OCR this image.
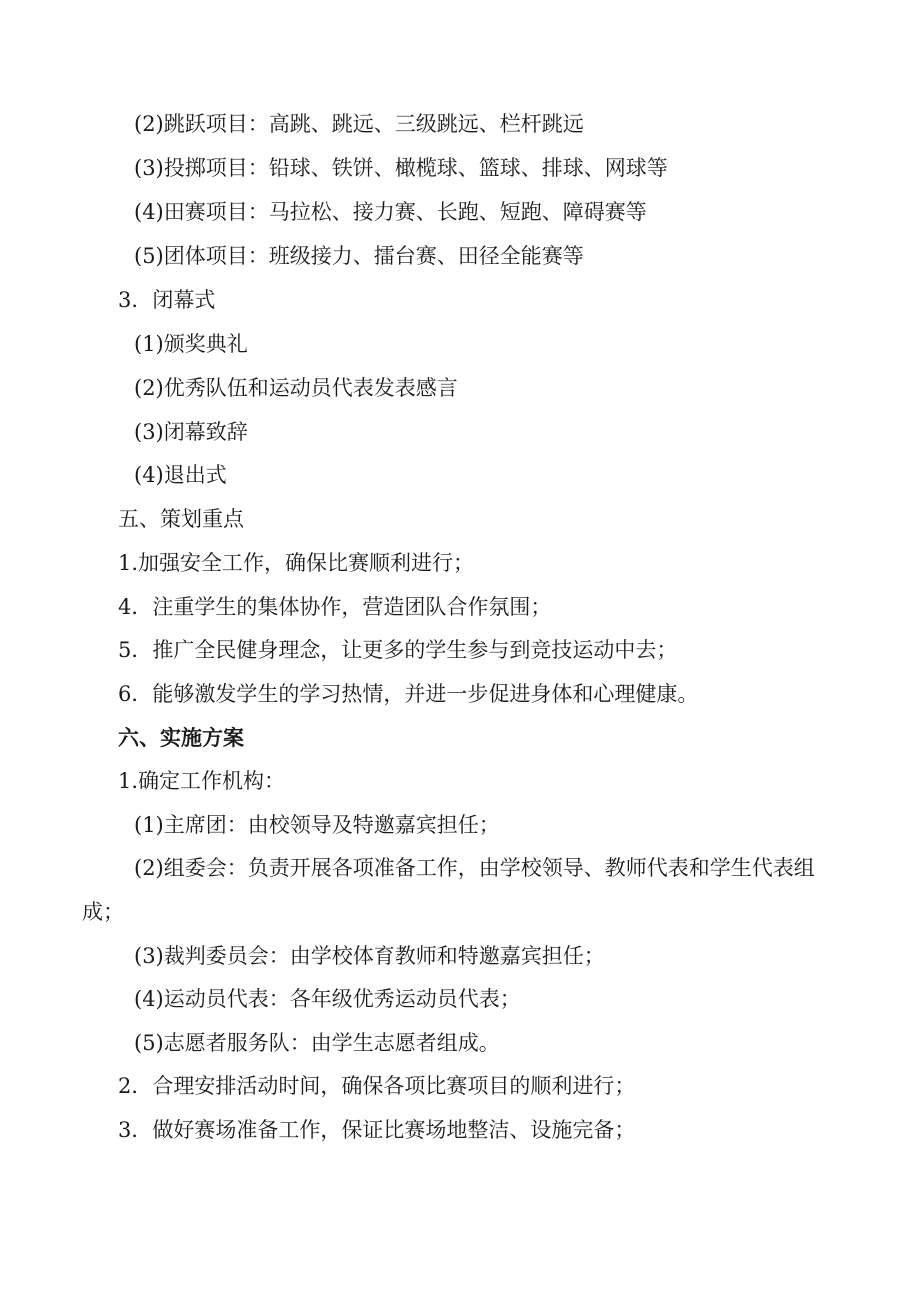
(2)跳跃项目：高跳、跳远、三级跳远、栏杆跳远
(3)投掷项目：铅球、铁饼、橄榄球、篮球、排球、网球等
(4)田赛项目：马拉松、接力赛、长跑、短跑、障碍赛等
(5)团体项目：班级接力、擂台赛、田径全能赛等
3．闭幕式
(1)颁奖典礼
(2)优秀队伍和运动员代表发表感言
(3)闭幕致辞
(4)退出式
五、策划重点
1.加强安全工作，确保比赛顺利进行；
4．注重学生的集体协作，营造团队合作氛围；
5．推广全民健身理念，让更多的学生参与到竞技运动中去；
6．能够激发学生的学习热情，并进一步促进身体和心理健康。
六、实施方案
1.确定工作机构：
(1)主席团：由校领导及特邀嘉宾担任；
(2)组委会：负责开展各项准备工作，由学校领导、教师代表和学生代表组
成；
(3)裁判委员会：由学校体育教师和特邀嘉宾担任；
(4)运动员代表：各年级优秀运动员代表；
(5)志愿者服务队：由学生志愿者组成。
2．合理安排活动时间，确保各项比赛项目的顺利进行；
3．做好赛场准备工作，保证比赛场地整洁、设施完备；
